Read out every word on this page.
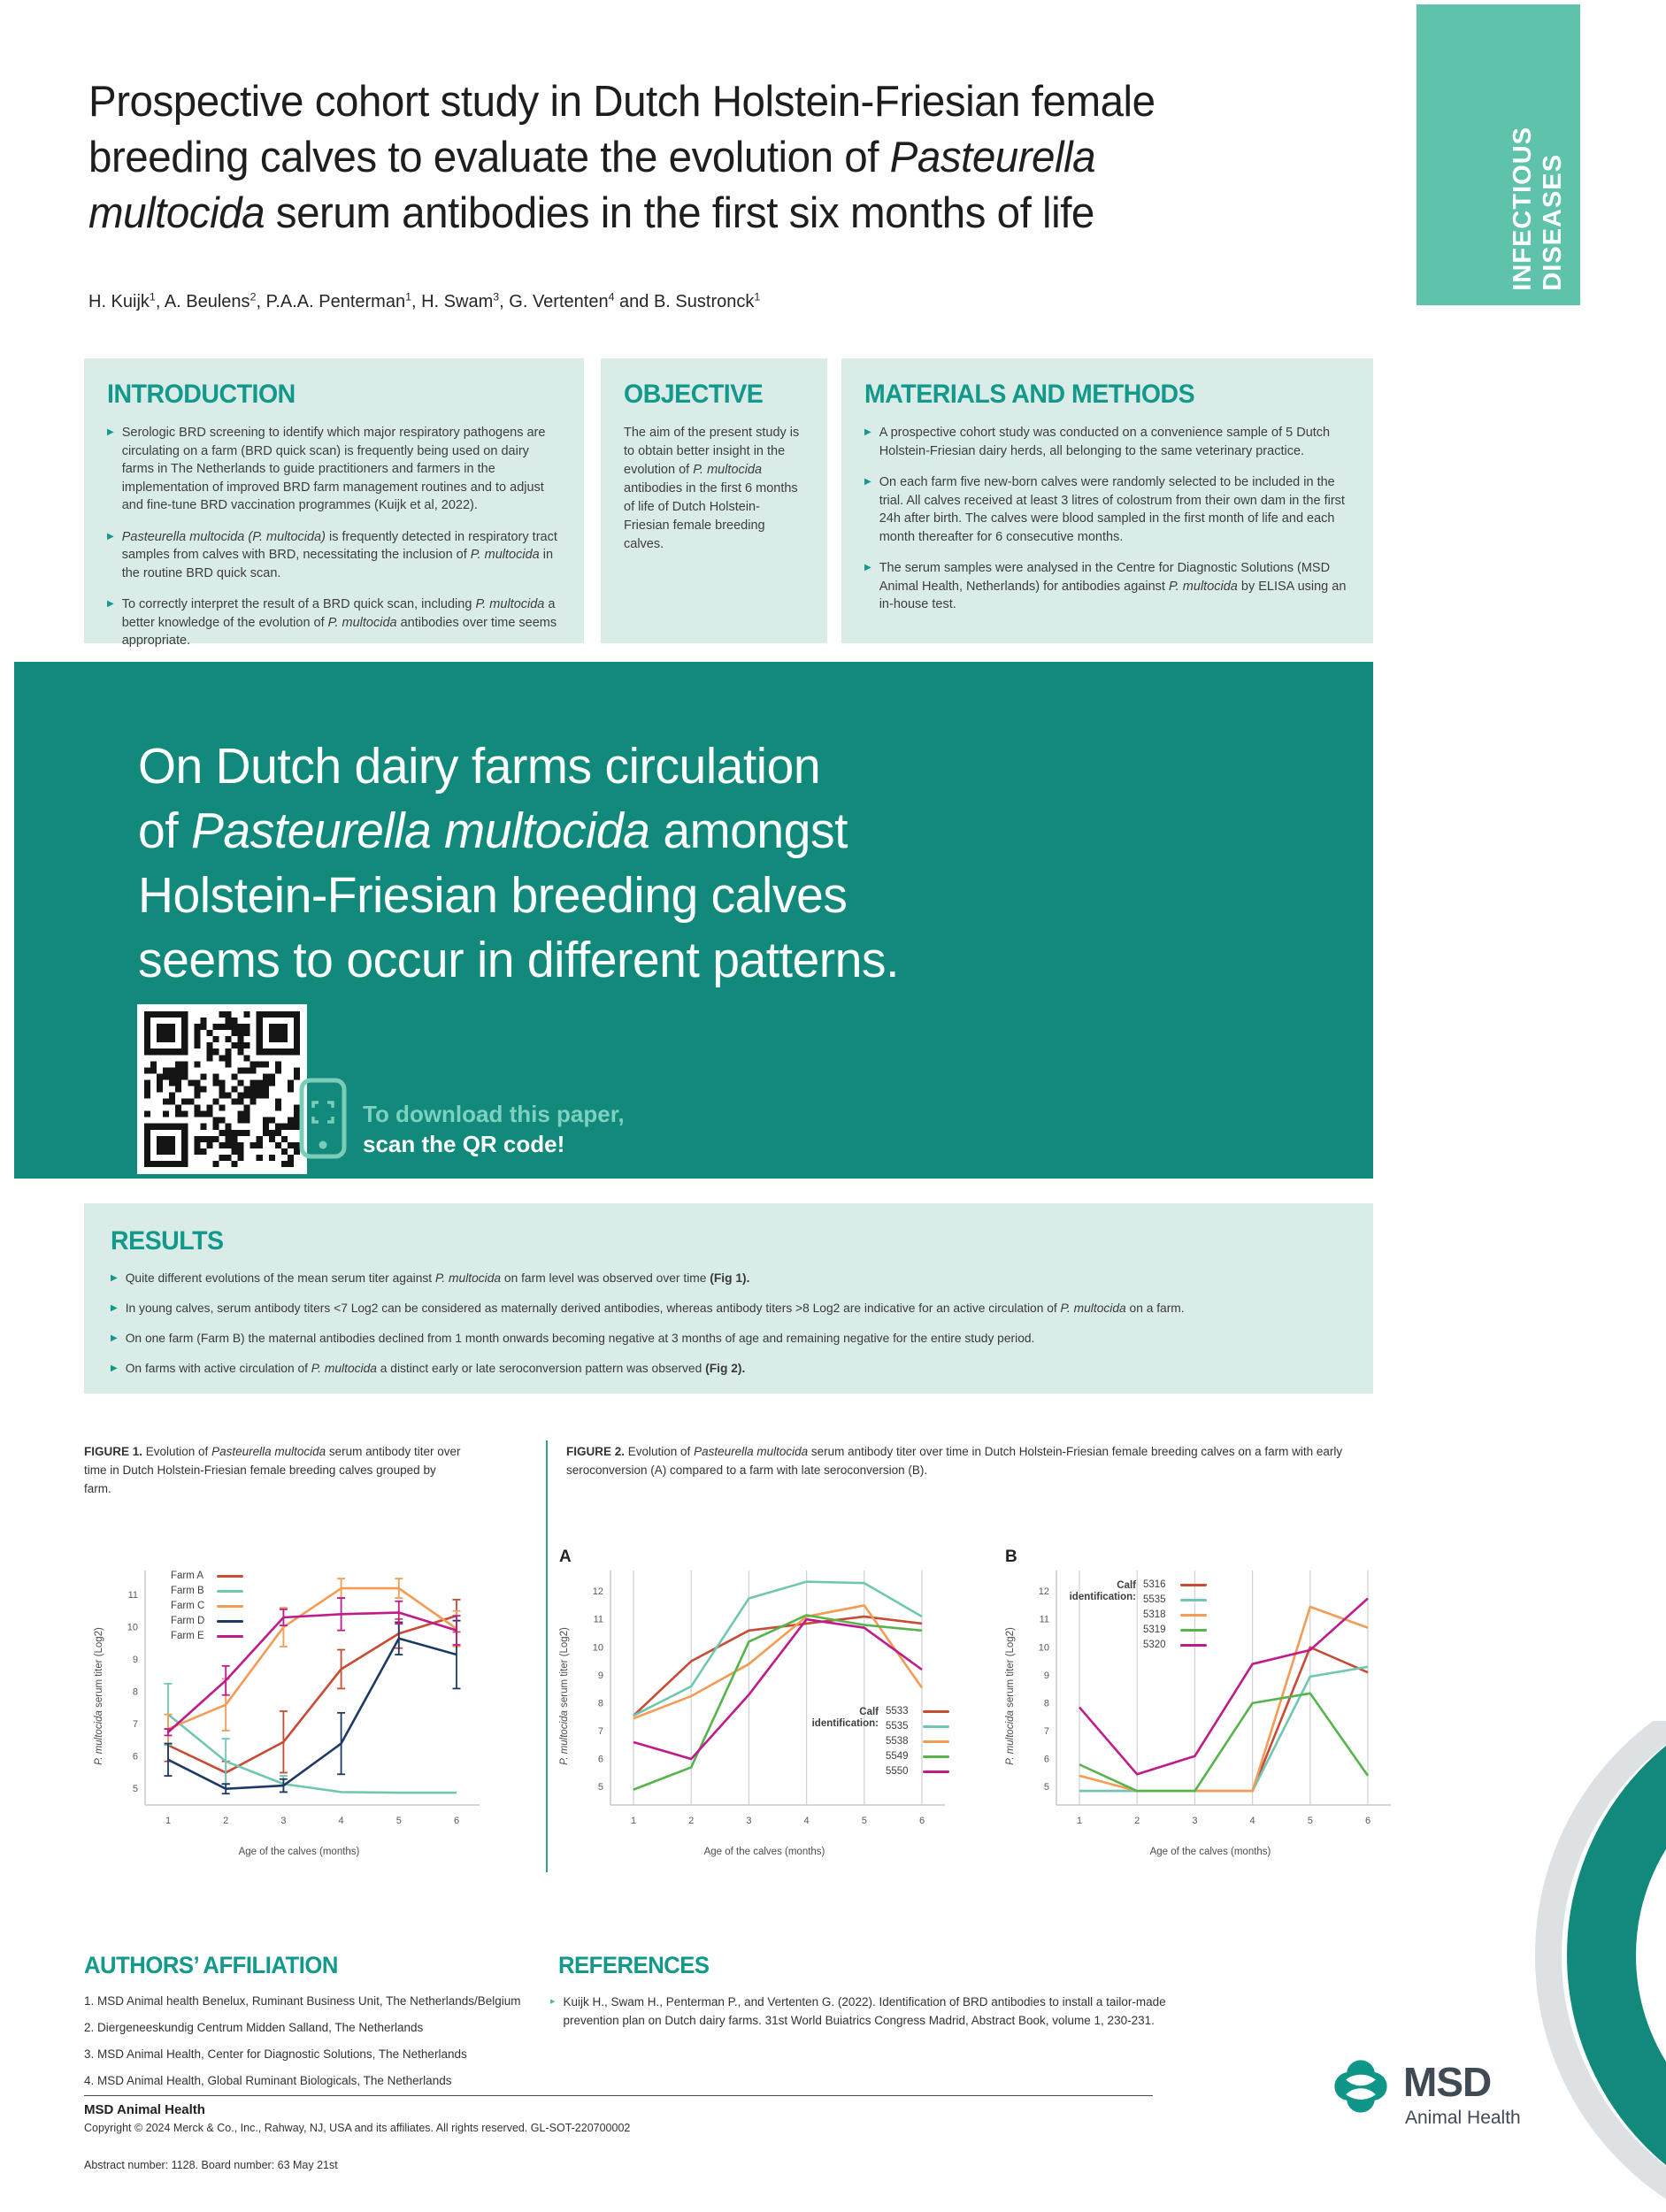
INFECTIOUS DISEASES
Prospective cohort study in Dutch Holstein-Friesian female
breeding calves to evaluate the evolution of Pasteurella
multocida serum antibodies in the first six months of life
H. Kuijk$^1$, A. Beulens$^2$, P.A.A. Penterman$^1$, H. Swam$^3$, G. Vertenten$^4$ and B. Sustronck$^1$
INTRODUCTION
▶ Serologic BRD screening to identify which major respiratory pathogens are circulating on a farm (BRD quick scan) is frequently being used on dairy farms in The Netherlands to guide practitioners and farmers in the implementation of improved BRD farm management routines and to adjust and fine-tune BRD vaccination programmes (Kuijk et al, 2022).
▶ Pasteurella multocida (P. multocida) is frequently detected in respiratory tract samples from calves with BRD, necessitating the inclusion of P. multocida in the routine BRD quick scan.
▶ To correctly interpret the result of a BRD quick scan, including P. multocida a better knowledge of the evolution of P. multocida antibodies over time seems appropriate.
OBJECTIVE
The aim of the present study is to obtain better insight in the evolution of P. multocida antibodies in the first 6 months of life of Dutch Holstein-Friesian female breeding calves.
MATERIALS AND METHODS
▶ A prospective cohort study was conducted on a convenience sample of 5 Dutch Holstein-Friesian dairy herds, all belonging to the same veterinary practice.
▶ On each farm five new-born calves were randomly selected to be included in the trial. All calves received at least 3 litres of colostrum from their own dam in the first 24h after birth. The calves were blood sampled in the first month of life and each month thereafter for 6 consecutive months.
▶ The serum samples were analysed in the Centre for Diagnostic Solutions (MSD Animal Health, Netherlands) for antibodies against P. multocida by ELISA using an in-house test.
On Dutch dairy farms circulation
of Pasteurella multocida amongst
Holstein-Friesian breeding calves
seems to occur in different patterns.
To download this paper,
scan the QR code!
RESULTS
▶ Quite different evolutions of the mean serum titer against P. multocida on farm level was observed over time (Fig 1).
▶ In young calves, serum antibody titers <7 Log2 can be considered as maternally derived antibodies, whereas antibody titers >8 Log2 are indicative for an active circulation of P. multocida on a farm.
▶ On one farm (Farm B) the maternal antibodies declined from 1 month onwards becoming negative at 3 months of age and remaining negative for the entire study period.
▶ On farms with active circulation of P. multocida a distinct early or late seroconversion pattern was observed (Fig 2).
FIGURE 1. Evolution of Pasteurella multocida serum antibody titer over time in Dutch Holstein-Friesian female breeding calves grouped by farm.
FIGURE 2. Evolution of Pasteurella multocida serum antibody titer over time in Dutch Holstein-Friesian female breeding calves on a farm with early seroconversion (A) compared to a farm with late seroconversion (B).
P. multocida serum titer (Log2)
5
6
7
8
9
10
11
1	2	3	4	5	6
Farm A
Farm B
Farm C
Farm D
Farm E
Age of the calves (months)
A
P. multocida serum titer (Log2)
5
6
7
8
9
10
11
12
1	2	3	4	5	6
Calf identification:
5533
5535
5538
5549
5550
Age of the calves (months)
B
P. multocida serum titer (Log2)
5
6
7
8
9
10
11
12
1	2	3	4	5	6
Calf identification:
5316
5535
5318
5319
5320
Age of the calves (months)
AUTHORS’ AFFILIATION
1. MSD Animal health Benelux, Ruminant Business Unit, The Netherlands/Belgium
2. Diergeneeskundig Centrum Midden Salland, The Netherlands
3. MSD Animal Health, Center for Diagnostic Solutions, The Netherlands
4. MSD Animal Health, Global Ruminant Biologicals, The Netherlands
REFERENCES
▸ Kuijk H., Swam H., Penterman P., and Vertenten G. (2022). Identification of BRD antibodies to install a tailor-made prevention plan on Dutch dairy farms. 31st World Buiatrics Congress Madrid, Abstract Book, volume 1, 230-231.
MSD Animal Health
Copyright © 2024 Merck & Co., Inc., Rahway, NJ, USA and its affiliates. All rights reserved. GL-SOT-220700002
Abstract number: 1128. Board number: 63 May 21st
MSD
Animal Health
